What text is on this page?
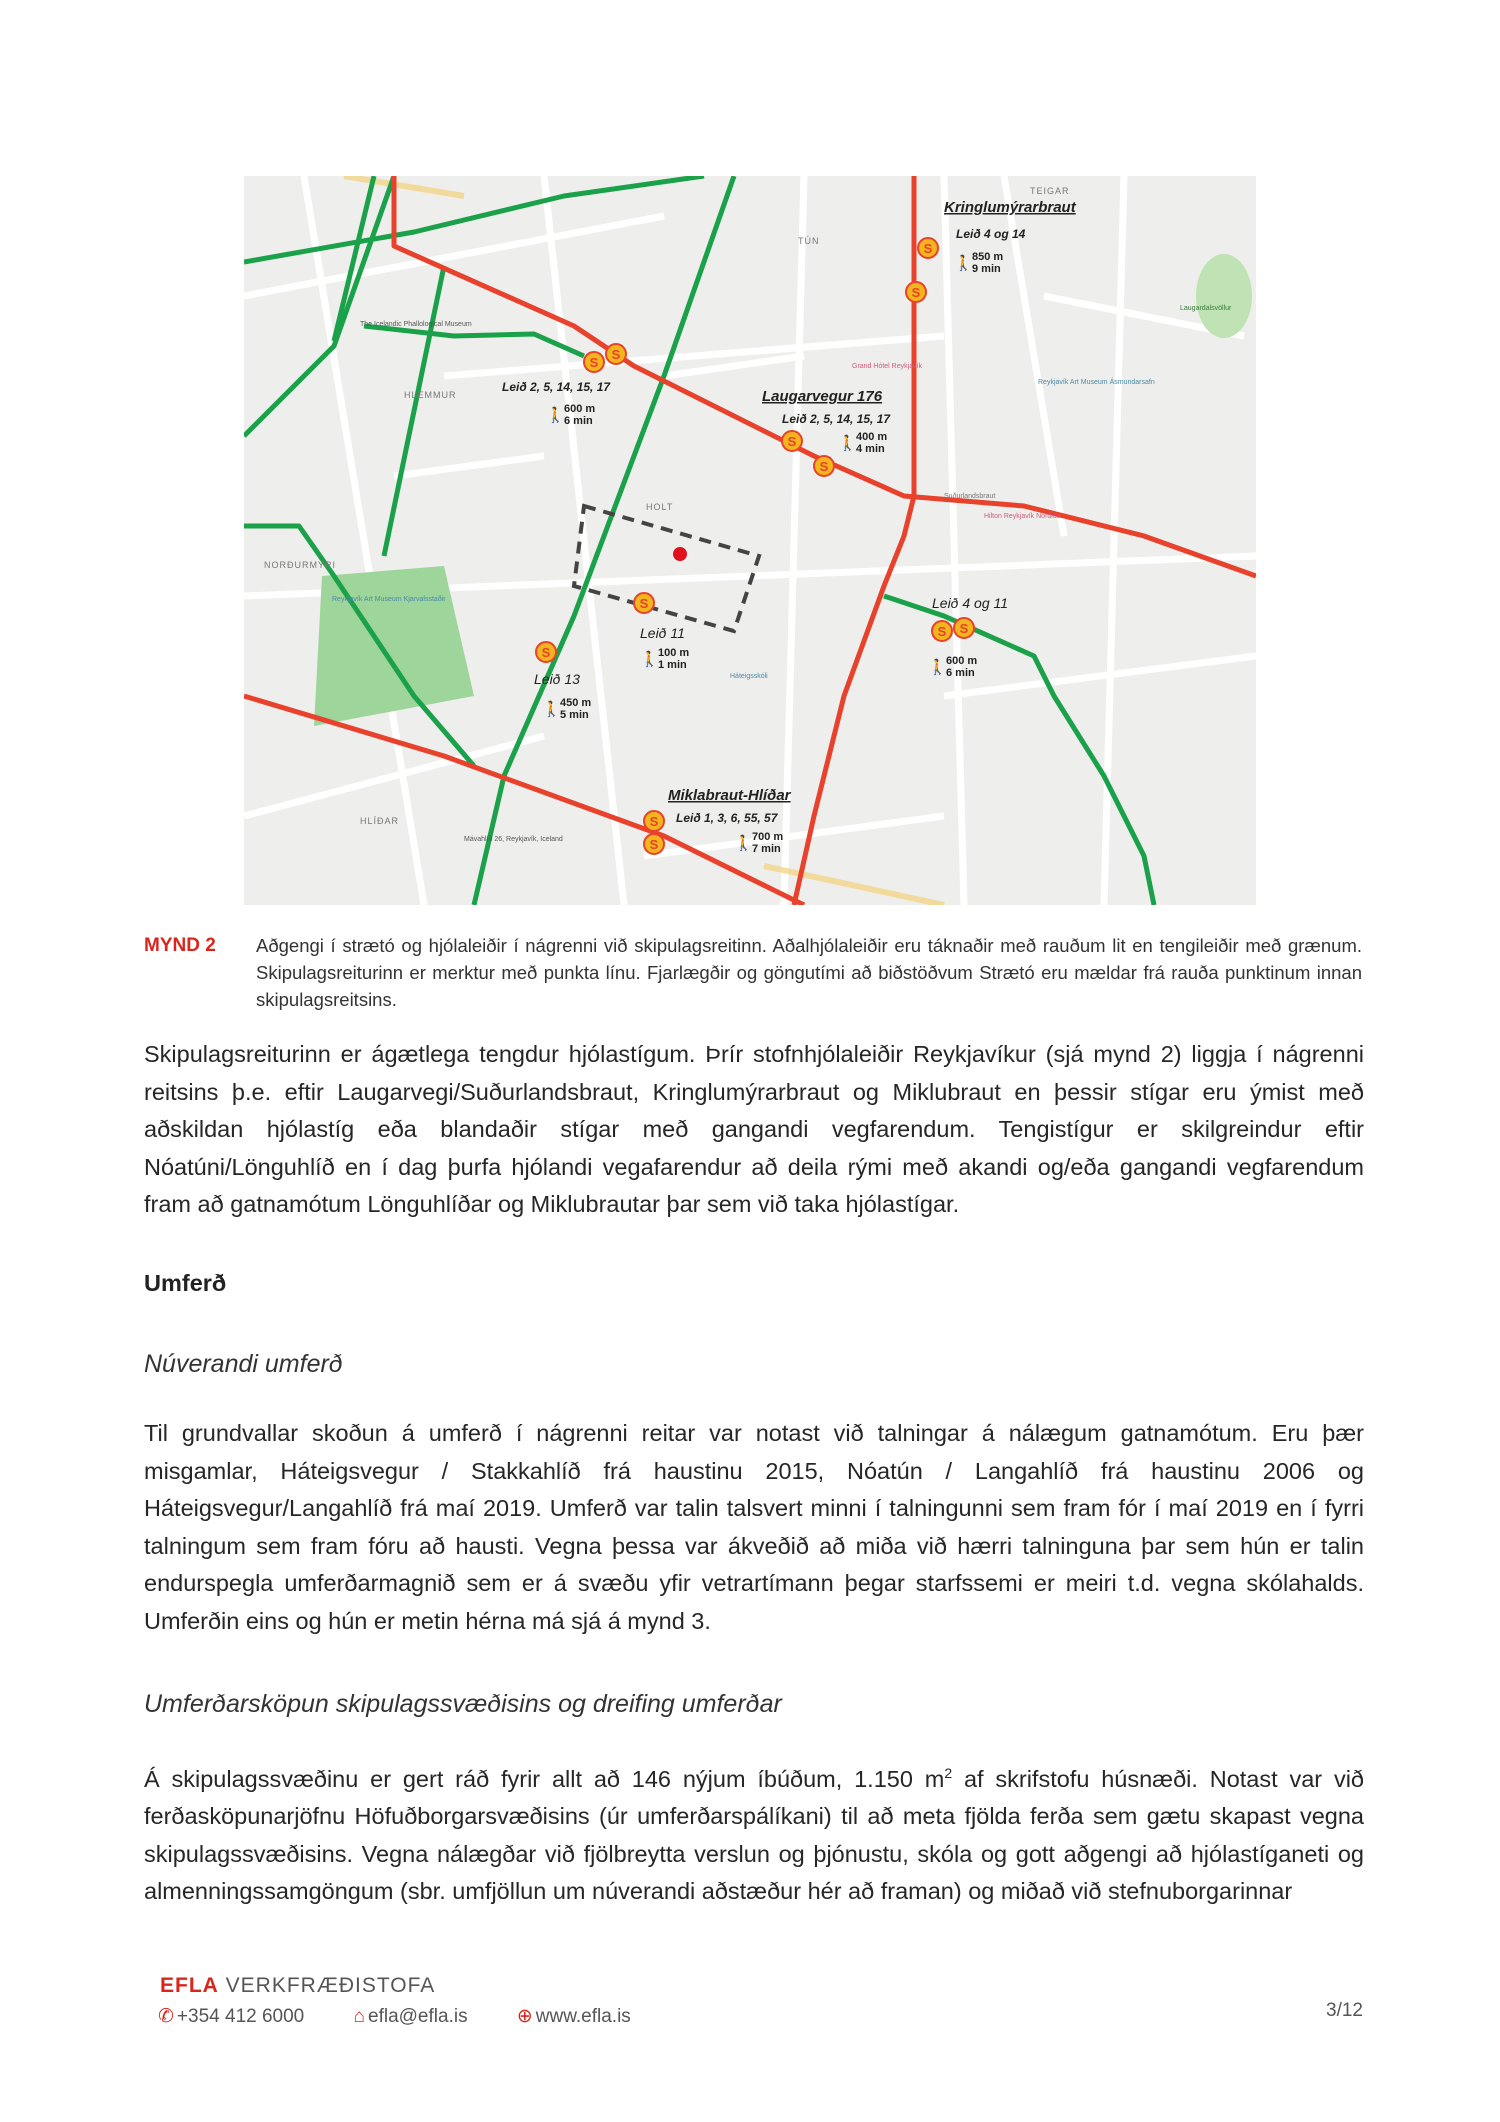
S
S
S
S
S
S
S
S
S S
S
S
TEIGAR
TÚN
HLEMMUR
HOLT
NORÐURMÝRI
HLÍÐAR
Grand Hótel Reykjavík
Reykjavík Art Museum Ásmundarsafn
Laugardalsvöllur
Hilton Reykjavík Nordica
Reykjavík Art Museum Kjarvalsstaðir
Háteigsskóli
Mávahlíð 26, Reykjavík, Iceland
The Icelandic Phallological Museum
Suðurlandsbraut
Kringlumýrarbraut
Leið 4 og 14
🚶 850 m
9 min
Leið 2, 5, 14, 15, 17
🚶 600 m
6 min
Laugarvegur 176
Leið 2, 5, 14, 15, 17
🚶 400 m
4 min
Leið 11
🚶 100 m
1 min
Leið 13
🚶 450 m
5 min
Leið 4 og 11
🚶 600 m
6 min
Miklabraut-Hlíðar
Leið 1, 3, 6, 55, 57
🚶 700 m
7 min
MYND 2 Aðgengi í strætó og hjólaleiðir í nágrenni við skipulagsreitinn. Aðalhjólaleiðir eru táknaðir með rauðum lit en tengileiðir með grænum. Skipulagsreiturinn er merktur með punkta línu. Fjarlægðir og göngutími að biðstöðvum Strætó eru mældar frá rauða punktinum innan skipulagsreitsins.
Skipulagsreiturinn er ágætlega tengdur hjólastígum. Þrír stofnhjólaleiðir Reykjavíkur (sjá mynd 2) liggja í nágrenni reitsins þ.e. eftir Laugarvegi/Suðurlandsbraut, Kringlumýrarbraut og Miklubraut en þessir stígar eru ýmist með aðskildan hjólastíg eða blandaðir stígar með gangandi vegfarendum. Tengistígur er skilgreindur eftir Nóatúni/Lönguhlíð en í dag þurfa hjólandi vegafarendur að deila rými með akandi og/eða gangandi vegfarendum fram að gatnamótum Lönguhlíðar og Miklubrautar þar sem við taka hjólastígar.
Umferð
Núverandi umferð
Til grundvallar skoðun á umferð í nágrenni reitar var notast við talningar á nálægum gatnamótum. Eru þær misgamlar, Háteigsvegur / Stakkahlíð frá haustinu 2015, Nóatún / Langahlíð frá haustinu 2006 og Háteigsvegur/Langahlíð frá maí 2019. Umferð var talin talsvert minni í talningunni sem fram fór í maí 2019 en í fyrri talningum sem fram fóru að hausti. Vegna þessa var ákveðið að miða við hærri talninguna þar sem hún er talin endurspegla umferðarmagnið sem er á svæðu yfir vetrartímann þegar starfssemi er meiri t.d. vegna skólahalds. Umferðin eins og hún er metin hérna má sjá á mynd 3.
Umferðarsköpun skipulagssvæðisins og dreifing umferðar
Á skipulagssvæðinu er gert ráð fyrir allt að 146 nýjum íbúðum, 1.150 $m^2$ af skrifstofu húsnæði. Notast var við ferðasköpunarjöfnu Höfuðborgarsvæðisins (úr umferðarspálíkani) til að meta fjölda ferða sem gætu skapast vegna skipulagssvæðisins. Vegna nálægðar við fjölbreytta verslun og þjónustu, skóla og gott aðgengi að hjólastíganeti og almenningssamgöngum (sbr. umfjöllun um núverandi aðstæður hér að framan) og miðað við stefnuborgarinnar
EFLA VERKFRÆÐISTOFA
✆ +354 412 6000	⌂ efla@efla.is	⊕ www.efla.is	3/12
